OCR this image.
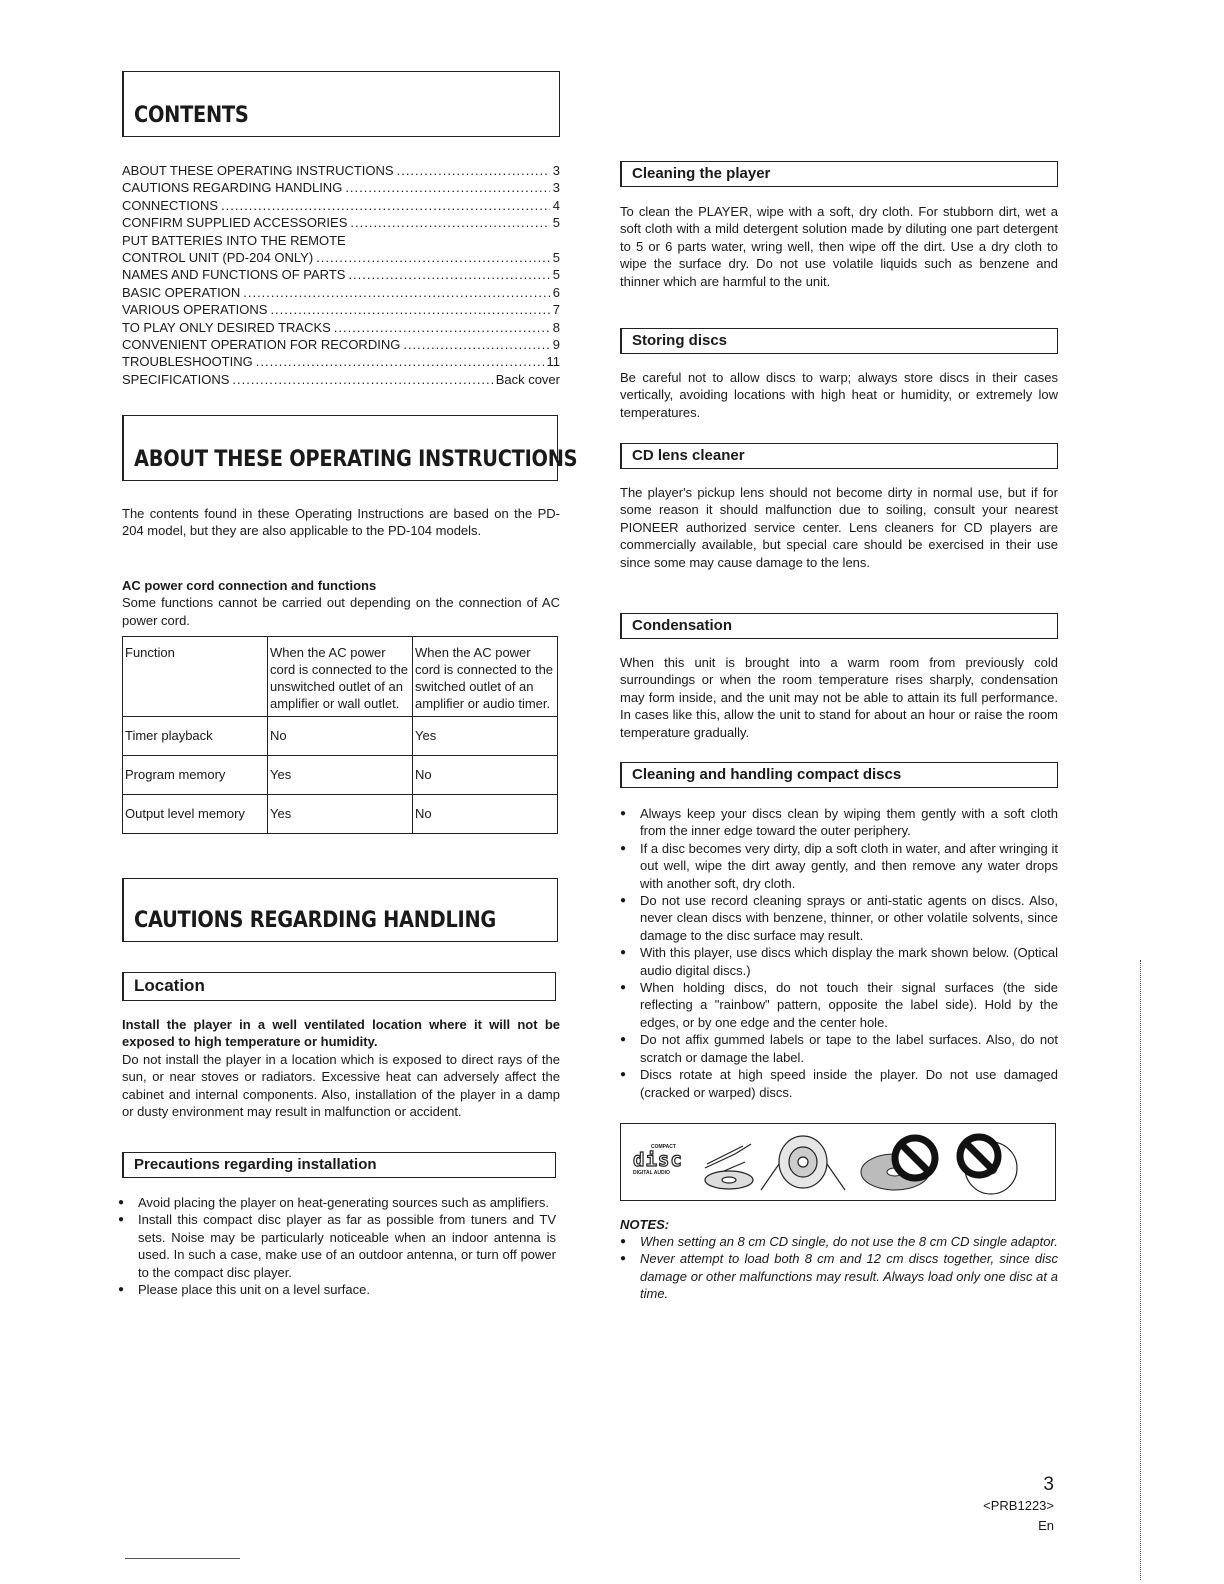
CONTENTS
ABOUT THESE OPERATING INSTRUCTIONS .....	3
CAUTIONS REGARDING HANDLING .....	3
CONNECTIONS .....	4
CONFIRM SUPPLIED ACCESSORIES .....	5
PUT BATTERIES INTO THE REMOTE
CONTROL UNIT (PD-204 ONLY) .....	5
NAMES AND FUNCTIONS OF PARTS .....	5
BASIC OPERATION .....	6
VARIOUS OPERATIONS .....	7
TO PLAY ONLY DESIRED TRACKS .....	8
CONVENIENT OPERATION FOR RECORDING .....	9
TROUBLESHOOTING .....	11
SPECIFICATIONS .....	Back cover
ABOUT THESE OPERATING INSTRUCTIONS

The contents found in these Operating Instructions are based on the PD-204 model, but they are also applicable to the PD-104 models.

AC power cord connection and functions

Some functions cannot be carried out depending on the connection of AC power cord.

Function	When the AC power cord is connected to the unswitched outlet of an amplifier or wall outlet.	When the AC power cord is connected to the switched outlet of an amplifier or audio timer.
Timer playback	No	Yes
Program memory	Yes	No
Output level memory	Yes	No
CAUTIONS REGARDING HANDLING
Location

Install the player in a well ventilated location where it will not be exposed to high temperature or humidity.

Do not install the player in a location which is exposed to direct rays of the sun, or near stoves or radiators. Excessive heat can adversely affect the cabinet and internal components. Also, installation of the player in a damp or dusty environment may result in malfunction or accident.

Precautions regarding installation
● Avoid placing the player on heat-generating sources such as amplifiers.
● Install this compact disc player as far as possible from tuners and TV sets. Noise may be particularly noticeable when an indoor antenna is used. In such a case, make use of an outdoor antenna, or turn off power to the compact disc player.
● Please place this unit on a level surface.
Cleaning the player

To clean the PLAYER, wipe with a soft, dry cloth. For stubborn dirt, wet a soft cloth with a mild detergent solution made by diluting one part detergent to 5 or 6 parts water, wring well, then wipe off the dirt. Use a dry cloth to wipe the surface dry. Do not use volatile liquids such as benzene and thinner which are harmful to the unit.

Storing discs

Be careful not to allow discs to warp; always store discs in their cases vertically, avoiding locations with high heat or humidity, or extremely low temperatures.

CD lens cleaner

The player's pickup lens should not become dirty in normal use, but if for some reason it should malfunction due to soiling, consult your nearest PIONEER authorized service center. Lens cleaners for CD players are commercially available, but special care should be exercised in their use since some may cause damage to the lens.

Condensation

When this unit is brought into a warm room from previously cold surroundings or when the room temperature rises sharply, condensation may form inside, and the unit may not be able to attain its full performance. In cases like this, allow the unit to stand for about an hour or raise the room temperature gradually.

Cleaning and handling compact discs
● Always keep your discs clean by wiping them gently with a soft cloth from the inner edge toward the outer periphery.
● If a disc becomes very dirty, dip a soft cloth in water, and after wringing it out well, wipe the dirt away gently, and then remove any water drops with another soft, dry cloth.
● Do not use record cleaning sprays or anti-static agents on discs. Also, never clean discs with benzene, thinner, or other volatile solvents, since damage to the disc surface may result.
● With this player, use discs which display the mark shown below. (Optical audio digital discs.)
● When holding discs, do not touch their signal surfaces (the side reflecting a "rainbow" pattern, opposite the label side). Hold by the edges, or by one edge and the center hole.
● Do not affix gummed labels or tape to the label surfaces. Also, do not scratch or damage the label.
● Discs rotate at high speed inside the player. Do not use damaged (cracked or warped) discs.
COMPACT
disc
DIGITAL AUDIO
NOTES:
● When setting an 8 cm CD single, do not use the 8 cm CD single adaptor.
● Never attempt to load both 8 cm and 12 cm discs together, since disc damage or other malfunctions may result. Always load only one disc at a time.
3
<PRB1223>
En
